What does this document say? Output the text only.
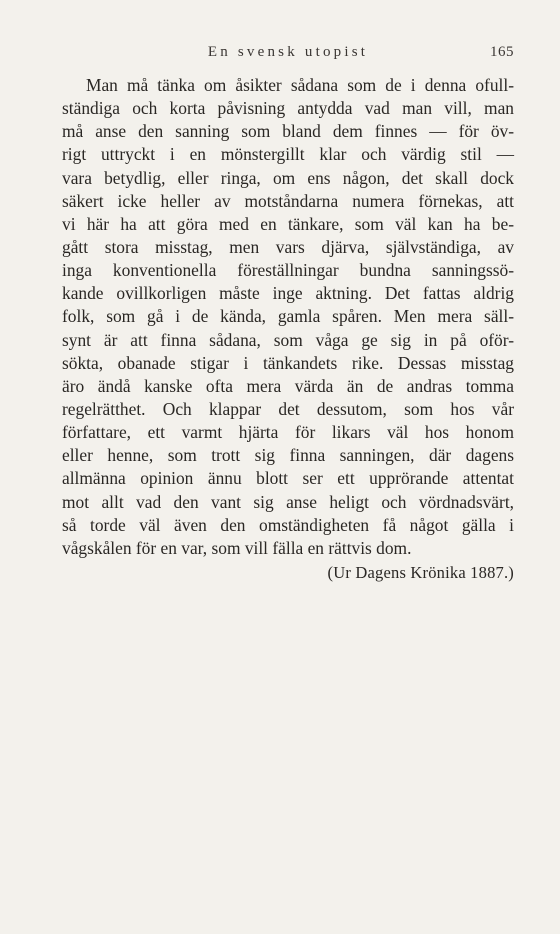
En svensk utopist	165
Man må tänka om åsikter sådana som de i denna ofull-
ständiga och korta påvisning antydda vad man vill, man
må anse den sanning som bland dem finnes — för öv-
rigt uttryckt i en mönstergillt klar och värdig stil —
vara betydlig, eller ringa, om ens någon, det skall dock
säkert icke heller av motståndarna numera förnekas, att
vi här ha att göra med en tänkare, som väl kan ha be-
gått stora misstag, men vars djärva, självständiga, av
inga konventionella föreställningar bundna sanningssö-
kande ovillkorligen måste inge aktning. Det fattas aldrig
folk, som gå i de kända, gamla spåren. Men mera säll-
synt är att finna sådana, som våga ge sig in på oför-
sökta, obanade stigar i tänkandets rike. Dessas misstag
äro ändå kanske ofta mera värda än de andras tomma
regelrätthet. Och klappar det dessutom, som hos vår
författare, ett varmt hjärta för likars väl hos honom
eller henne, som trott sig finna sanningen, där dagens
allmänna opinion ännu blott ser ett upprörande attentat
mot allt vad den vant sig anse heligt och vördnadsvärt,
så torde väl även den omständigheten få något gälla i
vågskålen för en var, som vill fälla en rättvis dom.
(Ur Dagens Krönika 1887.)
